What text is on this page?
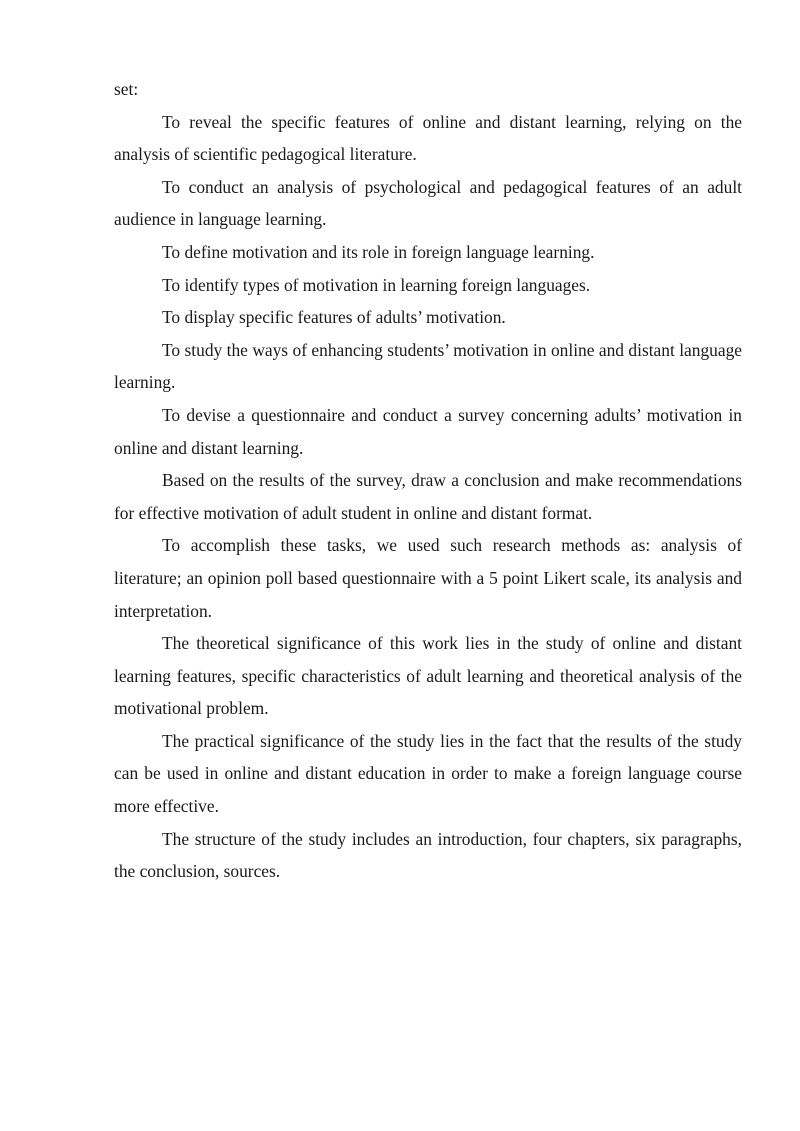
set:

To reveal the specific features of online and distant learning, relying on the analysis of scientific pedagogical literature.

To conduct an analysis of psychological and pedagogical features of an adult audience in language learning.

To define motivation and its role in foreign language learning.

To identify types of motivation in learning foreign languages.

To display specific features of adults’ motivation.

To study the ways of enhancing students’ motivation in online and distant language learning.

To devise a questionnaire and conduct a survey concerning adults’ motivation in online and distant learning.

Based on the results of the survey, draw a conclusion and make recommendations for effective motivation of adult student in online and distant format.

To accomplish these tasks, we used such research methods as: analysis of literature; an opinion poll based questionnaire with a 5 point Likert scale, its analysis and interpretation.

The theoretical significance of this work lies in the study of online and distant learning features, specific characteristics of adult learning and theoretical analysis of the motivational problem.

The practical significance of the study lies in the fact that the results of the study can be used in online and distant education in order to make a foreign language course more effective.

The structure of the study includes an introduction, four chapters, six paragraphs, the conclusion, sources.
